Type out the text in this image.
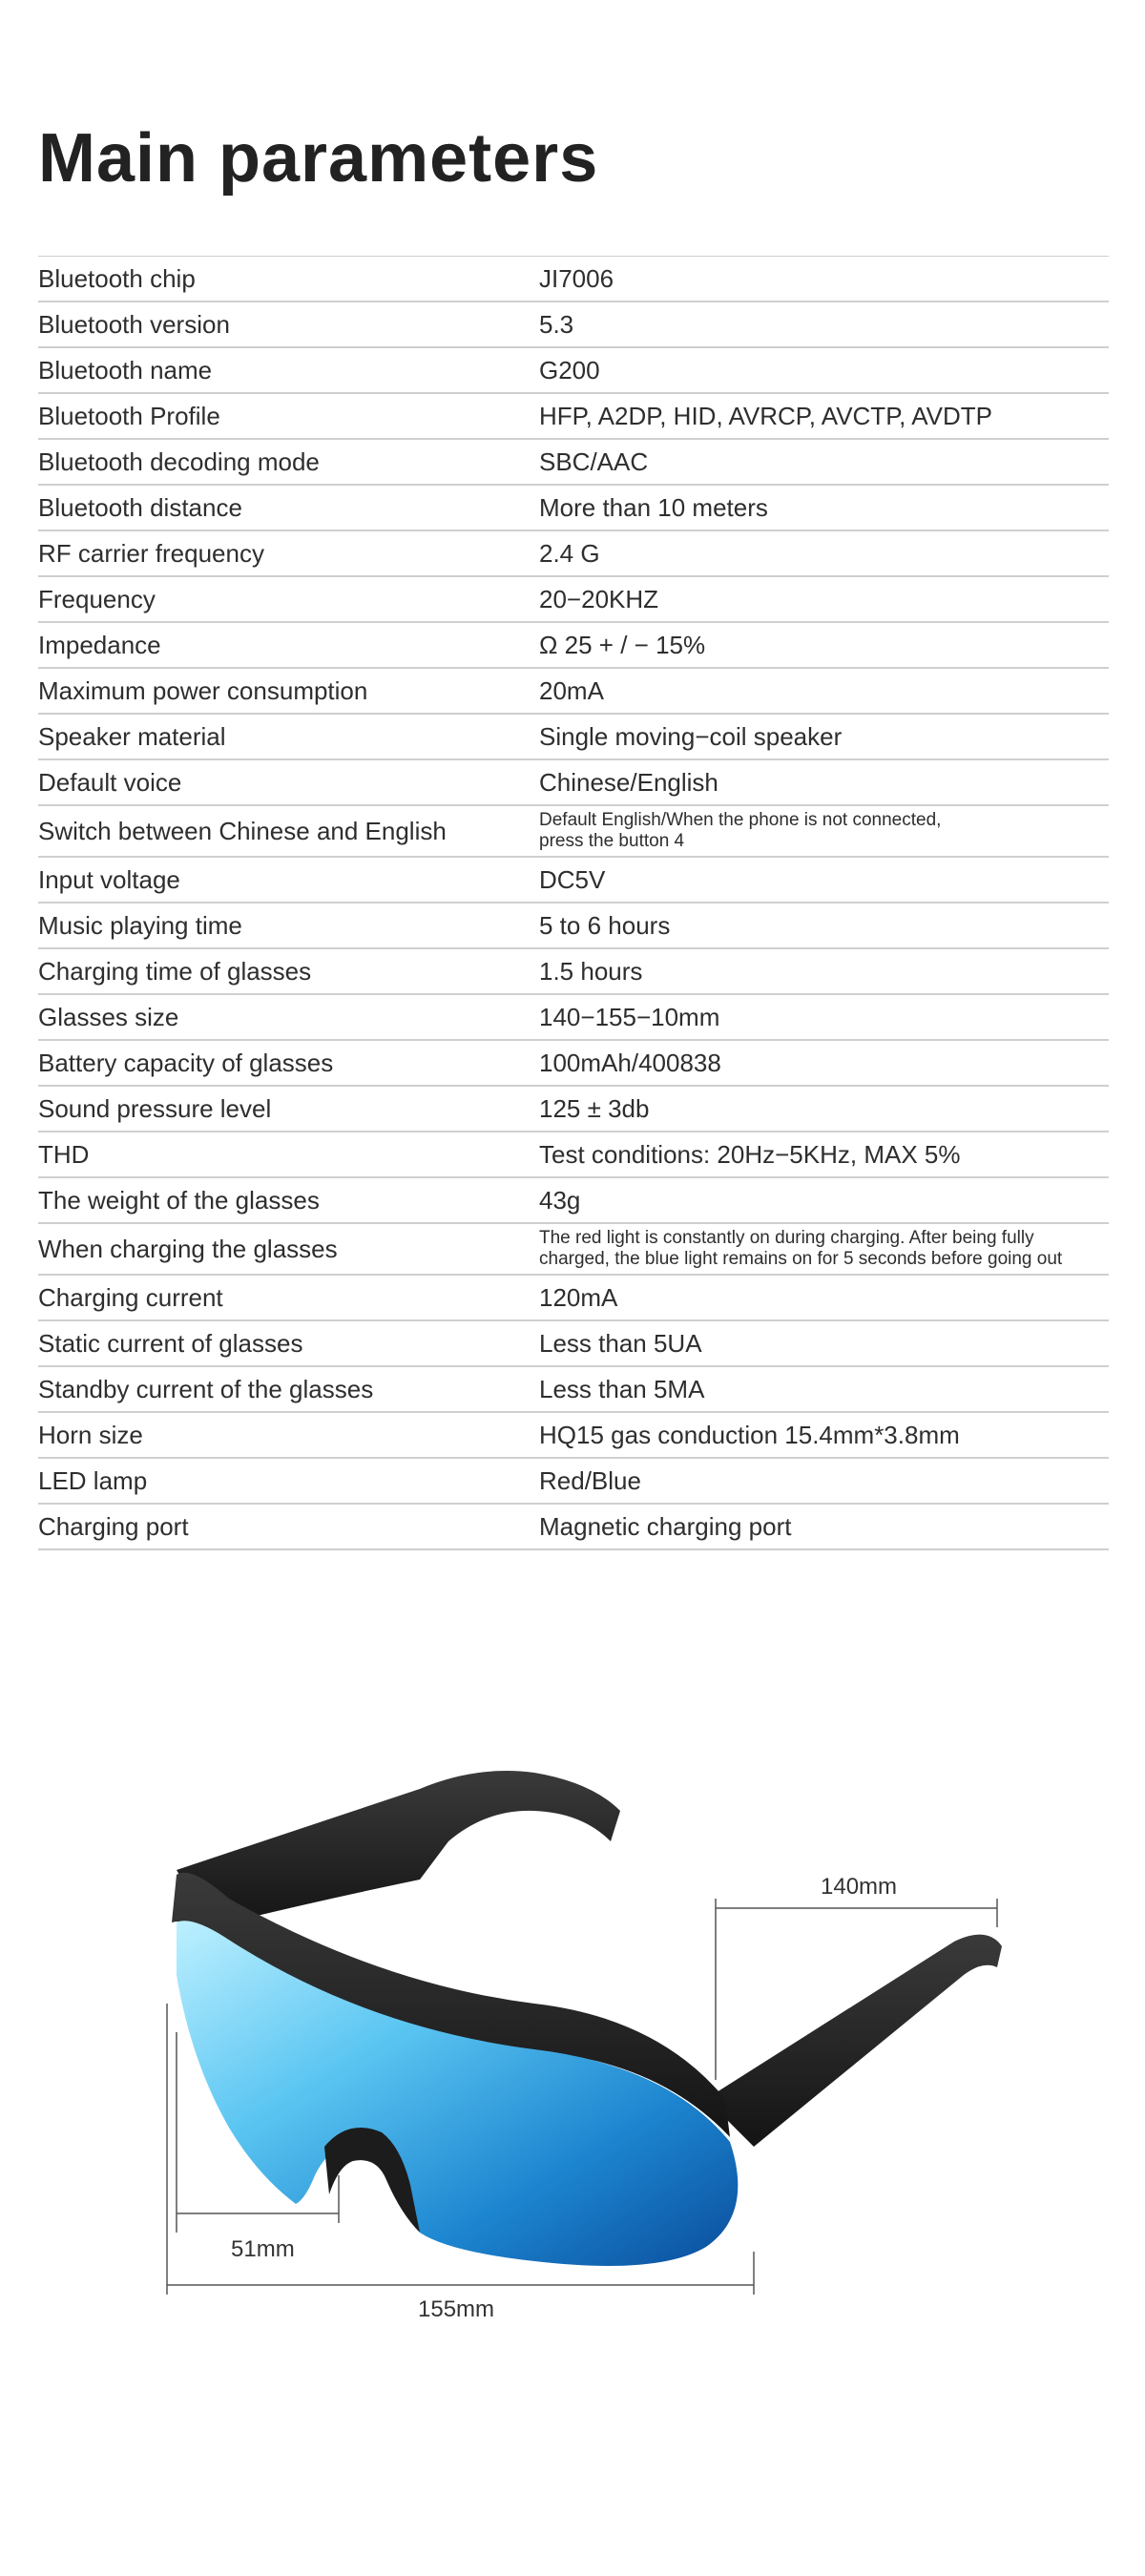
Main parameters
Bluetooth chip	JI7006
Bluetooth version	5.3
Bluetooth name	G200
Bluetooth Profile	HFP, A2DP, HID, AVRCP, AVCTP, AVDTP
Bluetooth decoding mode	SBC/AAC
Bluetooth distance	More than 10 meters
RF carrier frequency	2.4 G
Frequency	20−20KHZ
Impedance	Ω 25 + / − 15%
Maximum power consumption	20mA
Speaker material	Single moving−coil speaker
Default voice	Chinese/English
Switch between Chinese and English	Default English/When the phone is not connected,
press the button 4
Input voltage	DC5V
Music playing time	5 to 6 hours
Charging time of glasses	1.5 hours
Glasses size	140−155−10mm
Battery capacity of glasses	100mAh/400838
Sound pressure level	125 ± 3db
THD	Test conditions: 20Hz−5KHz, MAX 5%
The weight of the glasses	43g
When charging the glasses	The red light is constantly on during charging. After being fully
charged, the blue light remains on for 5 seconds before going out
Charging current	120mA
Static current of glasses	Less than 5UA
Standby current of the glasses	Less than 5MA
Horn size	HQ15 gas conduction 15.4mm*3.8mm
LED lamp	Red/Blue
Charging port	Magnetic charging port
140mm
51mm
155mm
